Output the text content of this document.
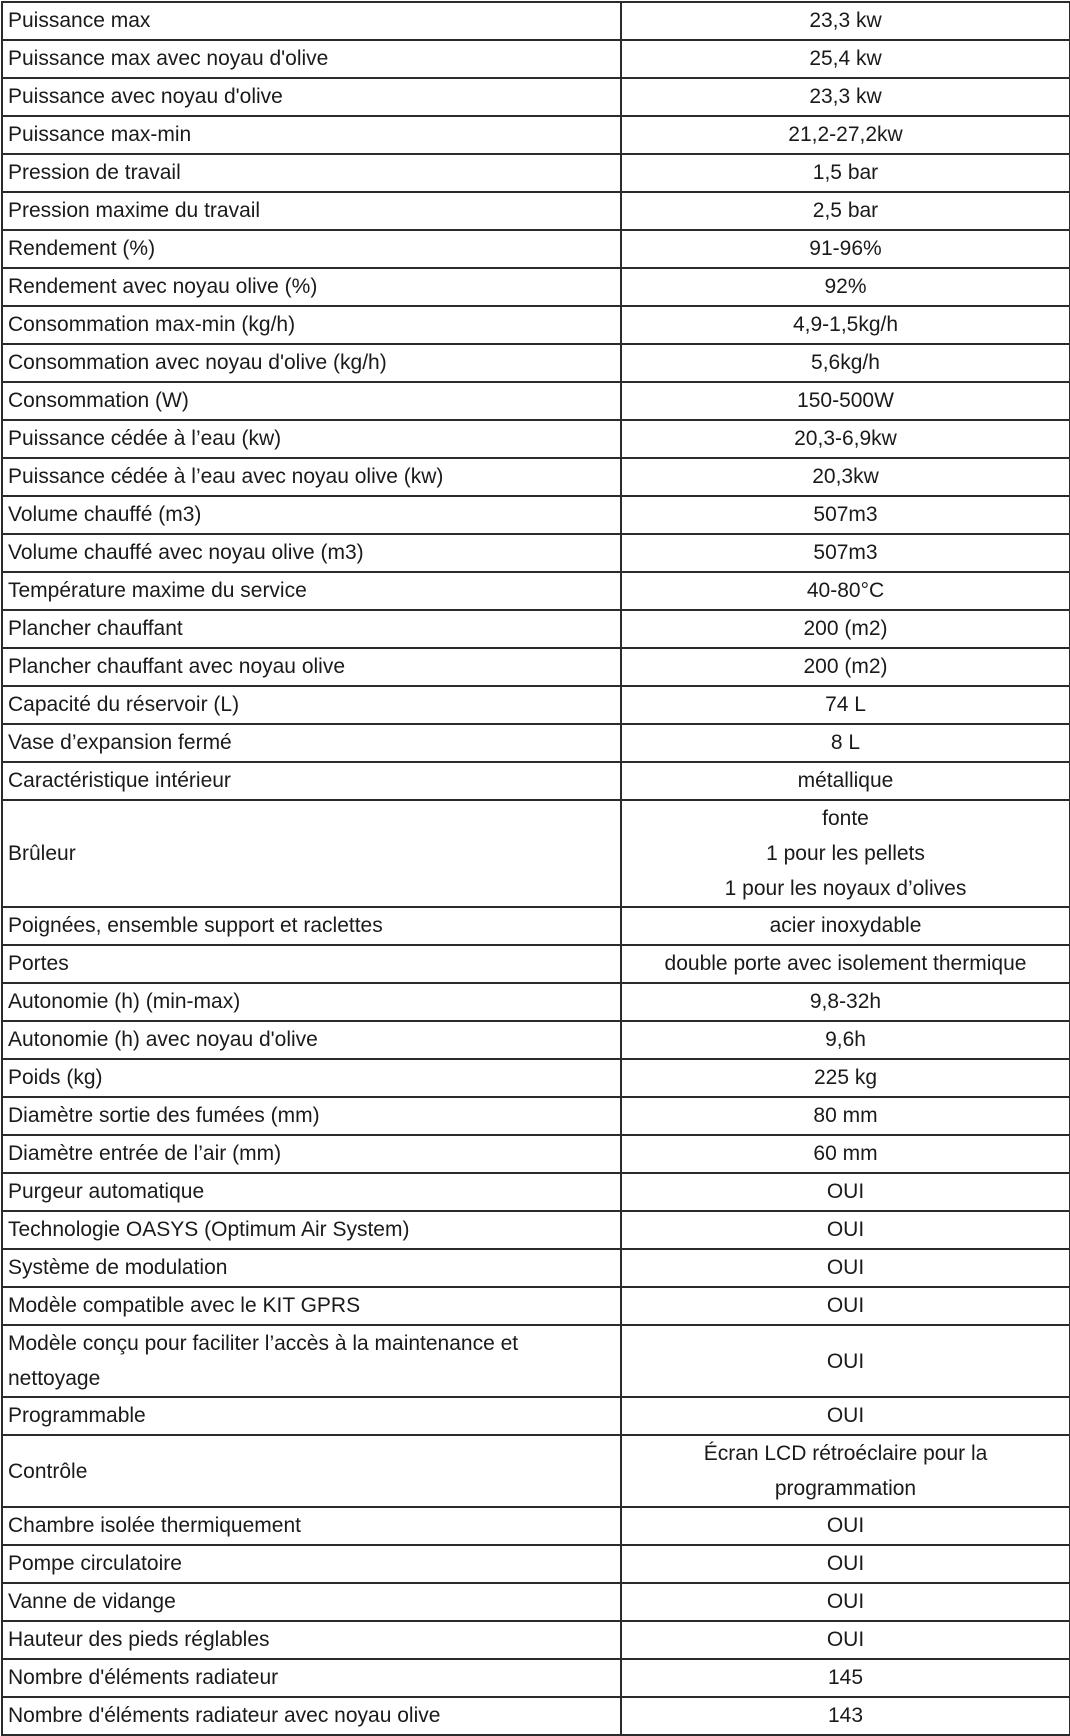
Puissance max	23,3 kw
Puissance max avec noyau d'olive	25,4 kw
Puissance avec noyau d'olive	23,3 kw
Puissance max-min	21,2-27,2kw
Pression de travail	1,5 bar
Pression maxime du travail	2,5 bar
Rendement (%)	91-96%
Rendement avec noyau olive (%)	92%
Consommation max-min (kg/h)	4,9-1,5kg/h
Consommation avec noyau d'olive (kg/h)	5,6kg/h
Consommation (W)	150-500W
Puissance cédée à l’eau (kw)	20,3-6,9kw
Puissance cédée à l’eau avec noyau olive (kw)	20,3kw
Volume chauffé (m3)	507m3
Volume chauffé avec noyau olive (m3)	507m3
Température maxime du service	40-80°C
Plancher chauffant	200 (m2)
Plancher chauffant avec noyau olive	200 (m2)
Capacité du réservoir (L)	74 L
Vase d’expansion fermé	8 L
Caractéristique intérieur	métallique
Brûleur	fonte
1 pour les pellets
1 pour les noyaux d’olives
Poignées, ensemble support et raclettes	acier inoxydable
Portes	double porte avec isolement thermique
Autonomie (h) (min-max)	9,8-32h
Autonomie (h) avec noyau d'olive	9,6h
Poids (kg)	225 kg
Diamètre sortie des fumées (mm)	80 mm
Diamètre entrée de l’air (mm)	60 mm
Purgeur automatique	OUI
Technologie OASYS (Optimum Air System)	OUI
Système de modulation	OUI
Modèle compatible avec le KIT GPRS	OUI
Modèle conçu pour faciliter l’accès à la maintenance et
nettoyage	OUI
Programmable	OUI
Contrôle	Écran LCD rétroéclaire pour la
programmation
Chambre isolée thermiquement	OUI
Pompe circulatoire	OUI
Vanne de vidange	OUI
Hauteur des pieds réglables	OUI
Nombre d'éléments radiateur	145
Nombre d'éléments radiateur avec noyau olive	143
